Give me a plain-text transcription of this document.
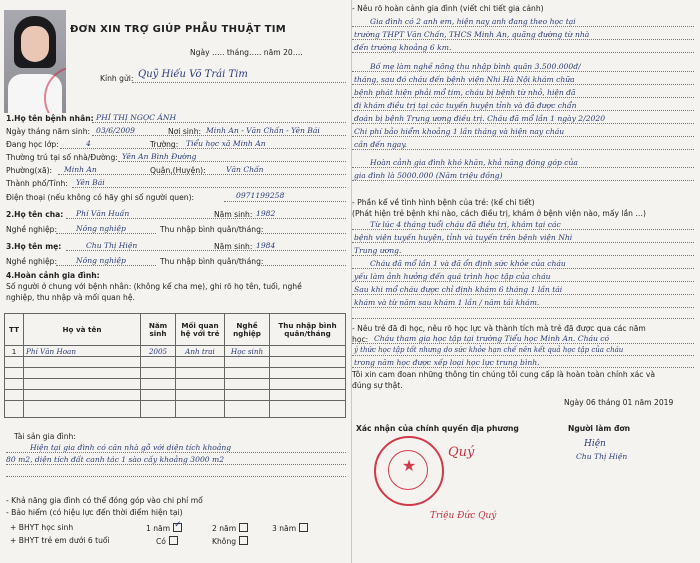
ĐƠN XIN TRỢ GIÚP PHẪU THUẬT TIM
Ngày ….. tháng….. năm 20….
Kính gửi: Quỹ Hiếu Võ Trái Tim
1.Họ tên bệnh nhân: PHÍ THỊ NGỌC ÁNH
Ngày tháng năm sinh: 03/6/2009	Nơi sinh: Minh An - Văn Chấn - Yên Bái
Đang học lớp:	4	Trường: Tiểu học xã Minh An
Thường trú tại số nhà/Đường: Yên An Bình Đường
Phường(xã): Minh An	Quận,(Huyện):	Văn Chấn
Thành phố/Tỉnh: Yên Bái
Điện thoại (nếu không có hãy ghi số người quen):	0971199258
2.Họ tên cha: Phí Văn Huấn	Năm sinh: 1982
Nghề nghiệp: Nông nghiệp	Thu nhập bình quân/tháng:
3.Họ tên mẹ:	Chu Thị Hiện	Năm sinh: 1984
Nghề nghiệp: Nông nghiệp	Thu nhập bình quân/tháng:
4.Hoàn cảnh gia đình:
Số người ở chung với bệnh nhân: (không kể cha mẹ), ghi rõ họ tên, tuổi, nghề
nghiệp, thu nhập và mối quan hệ.
TT	Họ và tên	Năm sinh	Mối quan hệ với trẻ	Nghề nghiệp	Thu nhập bình quân/tháng
1	Phí Văn Hoan	2005	Anh trai	Học sinh	

Tài sản gia đình:
Hiện tại gia đình có căn nhà gỗ với diện tích khoảng
80 m2, diện tích đất canh tác 1 sào cấy khoảng 3000 m2
- Khả năng gia đình có thể đóng góp vào chi phí mổ
- Bảo hiểm (có hiệu lực đến thời điểm hiện tại)
+ BHYT học sinh	1 năm ✓	2 năm	3 năm
+ BHYT trẻ em dưới 6 tuổi	Có	Không
- Nêu rõ hoàn cảnh gia đình (viết chi tiết gia cảnh)
Gia đình có 2 anh em, hiện nay anh đang theo học tại
trường THPT Văn Chấn, THCS Minh An, quãng đường từ nhà
đến trường khoảng 6 km.
Bố mẹ làm nghề nông thu nhập bình quân 3.500.000đ/
tháng, sau đó cháu đến bệnh viện Nhi Hà Nội khám chữa
bệnh phát hiện phải mổ tim, cháu bị bệnh từ nhỏ, hiện đã
đi khám điều trị tại các tuyến huyện tỉnh và đã được chẩn
đoán bị bệnh Trung ương điều trị. Cháu đã mổ lần 1 ngày 2/2020
Chi phí bảo hiểm khoảng 1 lần tháng và hiện nay cháu
cần đến ngay.
Hoàn cảnh gia đình khó khăn, khả năng đóng góp của
gia đình là 5000.000 (Năm triệu đồng)
- Phần kể về tình hình bệnh của trẻ: (kể chi tiết)
(Phát hiện trẻ bệnh khi nào, cách điều trị, khám ở bệnh viện nào, mấy lần …)
Từ lúc 4 tháng tuổi cháu đã điều trị, khám tại các
bệnh viện tuyến huyện, tỉnh và tuyến trên bệnh viện Nhi
Trung ương.
Cháu đã mổ lần 1 và đã ổn định sức khỏe của cháu
yếu làm ảnh hưởng đến quá trình học tập của cháu
Sau khi mổ cháu được chỉ định khám 6 tháng 1 lần tái
khám và từ năm sau khám 1 lần / năm tái khám.
- Nêu trẻ đã đi học, nêu rõ học lực và thành tích mà trẻ đã được qua các năm
học: Cháu tham gia học tập tại trường Tiểu học Minh An. Cháu có
ý thức học tập tốt nhưng do sức khỏe hạn chế nên kết quả học tập của cháu
trong năm học được xếp loại học lực trung bình.
Tôi xin cam đoan những thông tin chúng tôi cung cấp là hoàn toàn chính xác và
đúng sự thật.
Ngày 06 tháng 01 năm 2019
Xác nhận của chính quyền địa phương	Người làm đơn
★
Quý
Triệu Đức Quý
Hiện
Chu Thị Hiện
